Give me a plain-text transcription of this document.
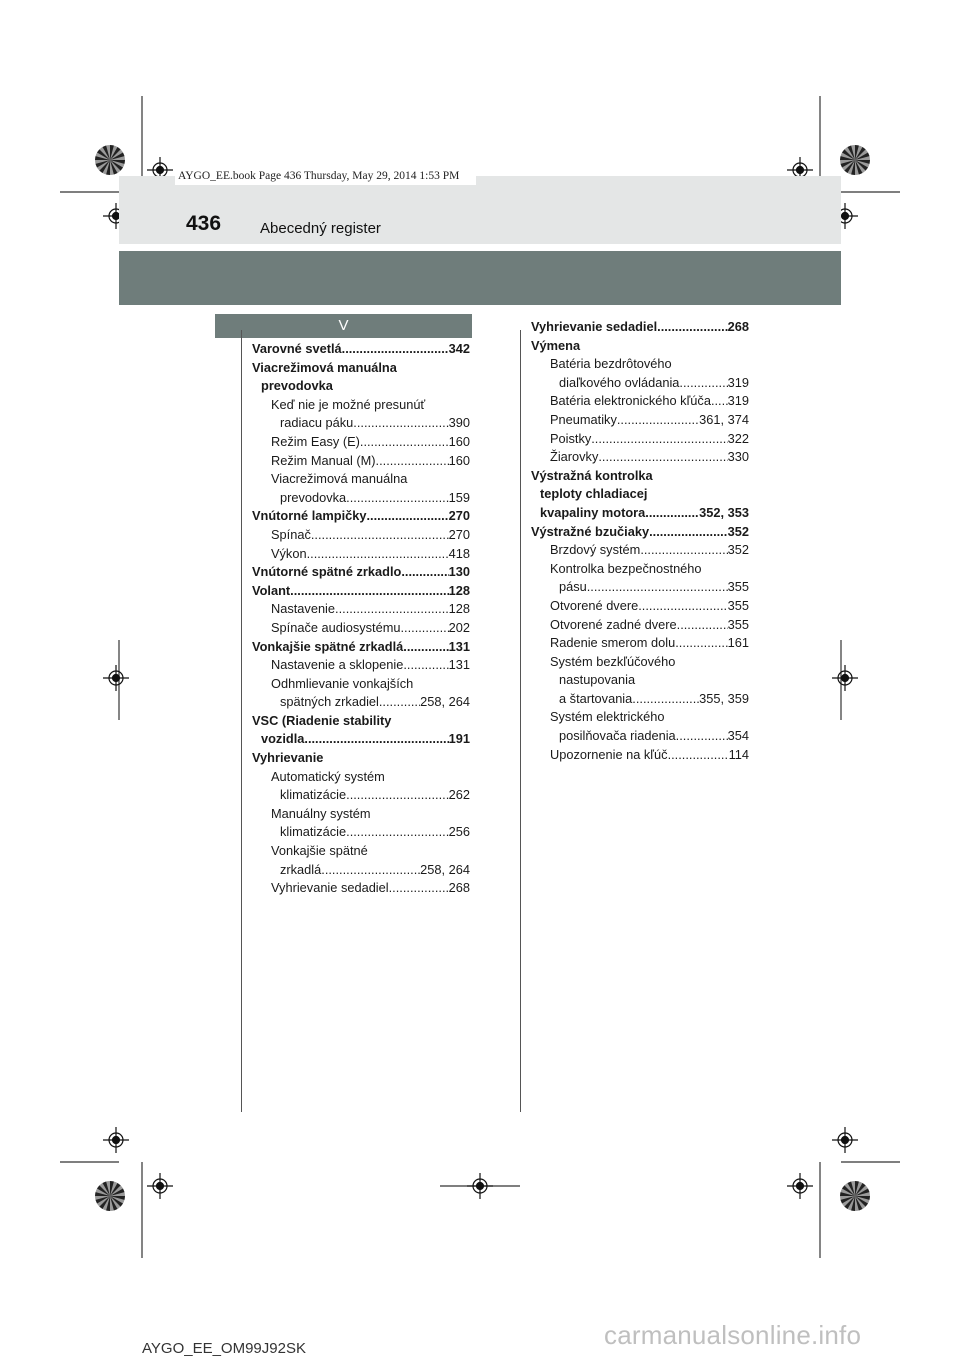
436	Abecedný register
AYGO_EE.book Page 436 Thursday, May 29, 2014 1:53 PM
V
Varovné svetlá .....	342
Viacrežimová manuálna
prevodovka
Keď nie je možné presunúť
radiacu páku .....	390
Režim Easy (E) .....	160
Režim Manual (M) .....	160
Viacrežimová manuálna
prevodovka .....	159
Vnútorné lampičky .....	270
Spínač .....	270
Výkon .....	418
Vnútorné spätné zrkadlo .....	130
Volant .....	128
Nastavenie .....	128
Spínače audiosystému .....	202
Vonkajšie spätné zrkadlá .....	131
Nastavenie a sklopenie .....	131
Odhmlievanie vonkajších
spätných zrkadiel .....	258, 264
VSC (Riadenie stability
vozidla .....	191
Vyhrievanie
Automatický systém
klimatizácie .....	262
Manuálny systém
klimatizácie .....	256
Vonkajšie spätné
zrkadlá .....	258, 264
Vyhrievanie sedadiel .....	268
Vyhrievanie sedadiel .....	268
Výmena
Batéria bezdrôtového
diaľkového ovládania .....	319
Batéria elektronického kľúča ..... 319
Pneumatiky .....	361, 374
Poistky .....	322
Žiarovky .....	330
Výstražná kontrolka
teploty chladiacej
kvapaliny motora .....	352, 353
Výstražné bzučiaky .....	352
Brzdový systém .....	352
Kontrolka bezpečnostného
pásu .....	355
Otvorené dvere .....	355
Otvorené zadné dvere .....	355
Radenie smerom dolu .....	161
Systém bezkľúčového
nastupovania
a štartovania .....	355, 359
Systém elektrického
posilňovača riadenia .....	354
Upozornenie na kľúč .....	114
AYGO_EE_OM99J92SK	carmanualsonline.info
